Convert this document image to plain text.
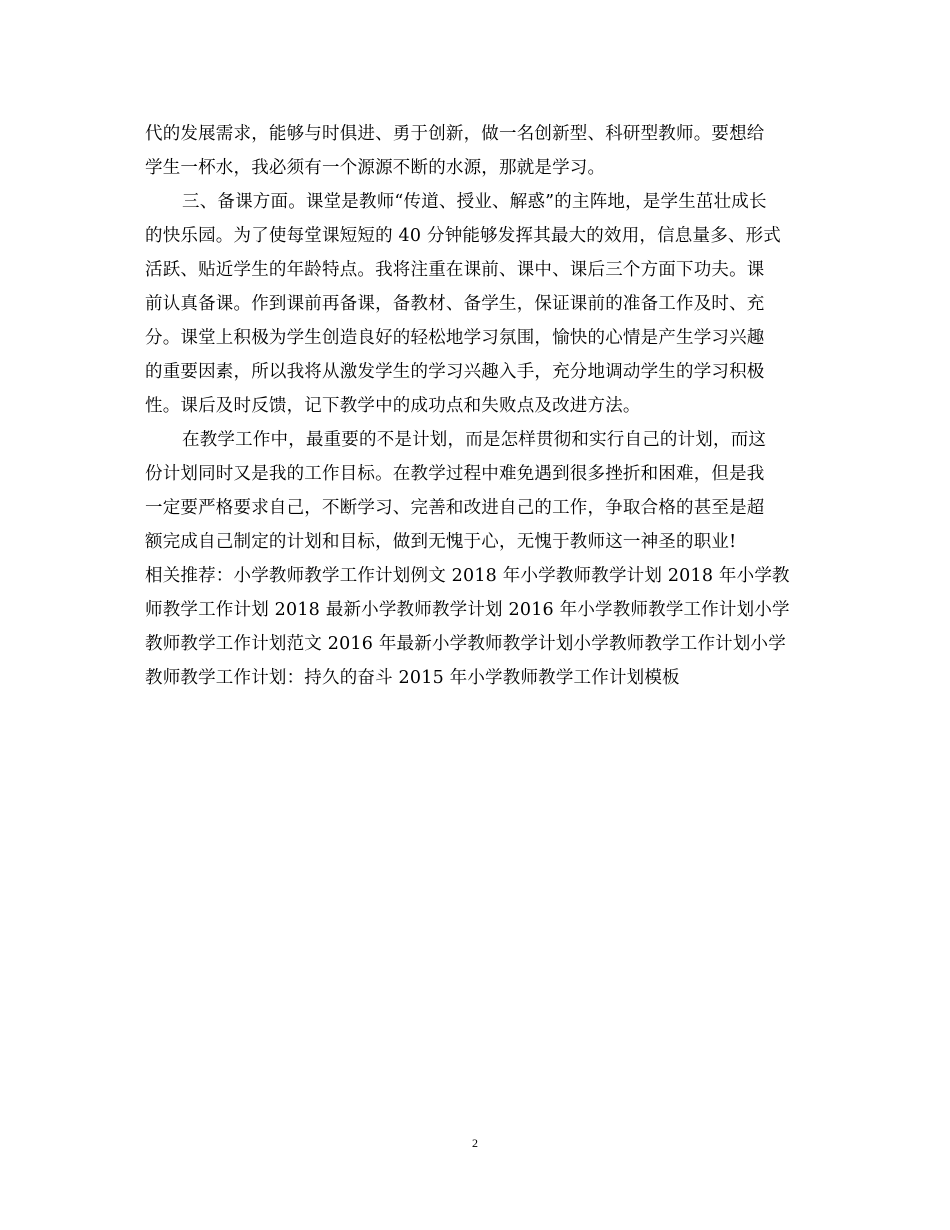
代的发展需求，能够与时俱进、勇于创新，做一名创新型、科研型教师。要想给
学生一杯水，我必须有一个源源不断的水源，那就是学习。
三、备课方面。课堂是教师“传道、授业、解惑”的主阵地，是学生茁壮成长
的快乐园。为了使每堂课短短的 40 分钟能够发挥其最大的效用，信息量多、形式
活跃、贴近学生的年龄特点。我将注重在课前、课中、课后三个方面下功夫。课
前认真备课。作到课前再备课，备教材、备学生，保证课前的准备工作及时、充
分。课堂上积极为学生创造良好的轻松地学习氛围，愉快的心情是产生学习兴趣
的重要因素，所以我将从激发学生的学习兴趣入手，充分地调动学生的学习积极
性。课后及时反馈，记下教学中的成功点和失败点及改进方法。
在教学工作中，最重要的不是计划，而是怎样贯彻和实行自己的计划，而这
份计划同时又是我的工作目标。在教学过程中难免遇到很多挫折和困难，但是我
一定要严格要求自己，不断学习、完善和改进自己的工作，争取合格的甚至是超
额完成自己制定的计划和目标，做到无愧于心，无愧于教师这一神圣的职业!
相关推荐：小学教师教学工作计划例文 2018 年小学教师教学计划 2018 年小学教
师教学工作计划 2018 最新小学教师教学计划 2016 年小学教师教学工作计划小学
教师教学工作计划范文 2016 年最新小学教师教学计划小学教师教学工作计划小学
教师教学工作计划：持久的奋斗 2015 年小学教师教学工作计划模板
2
